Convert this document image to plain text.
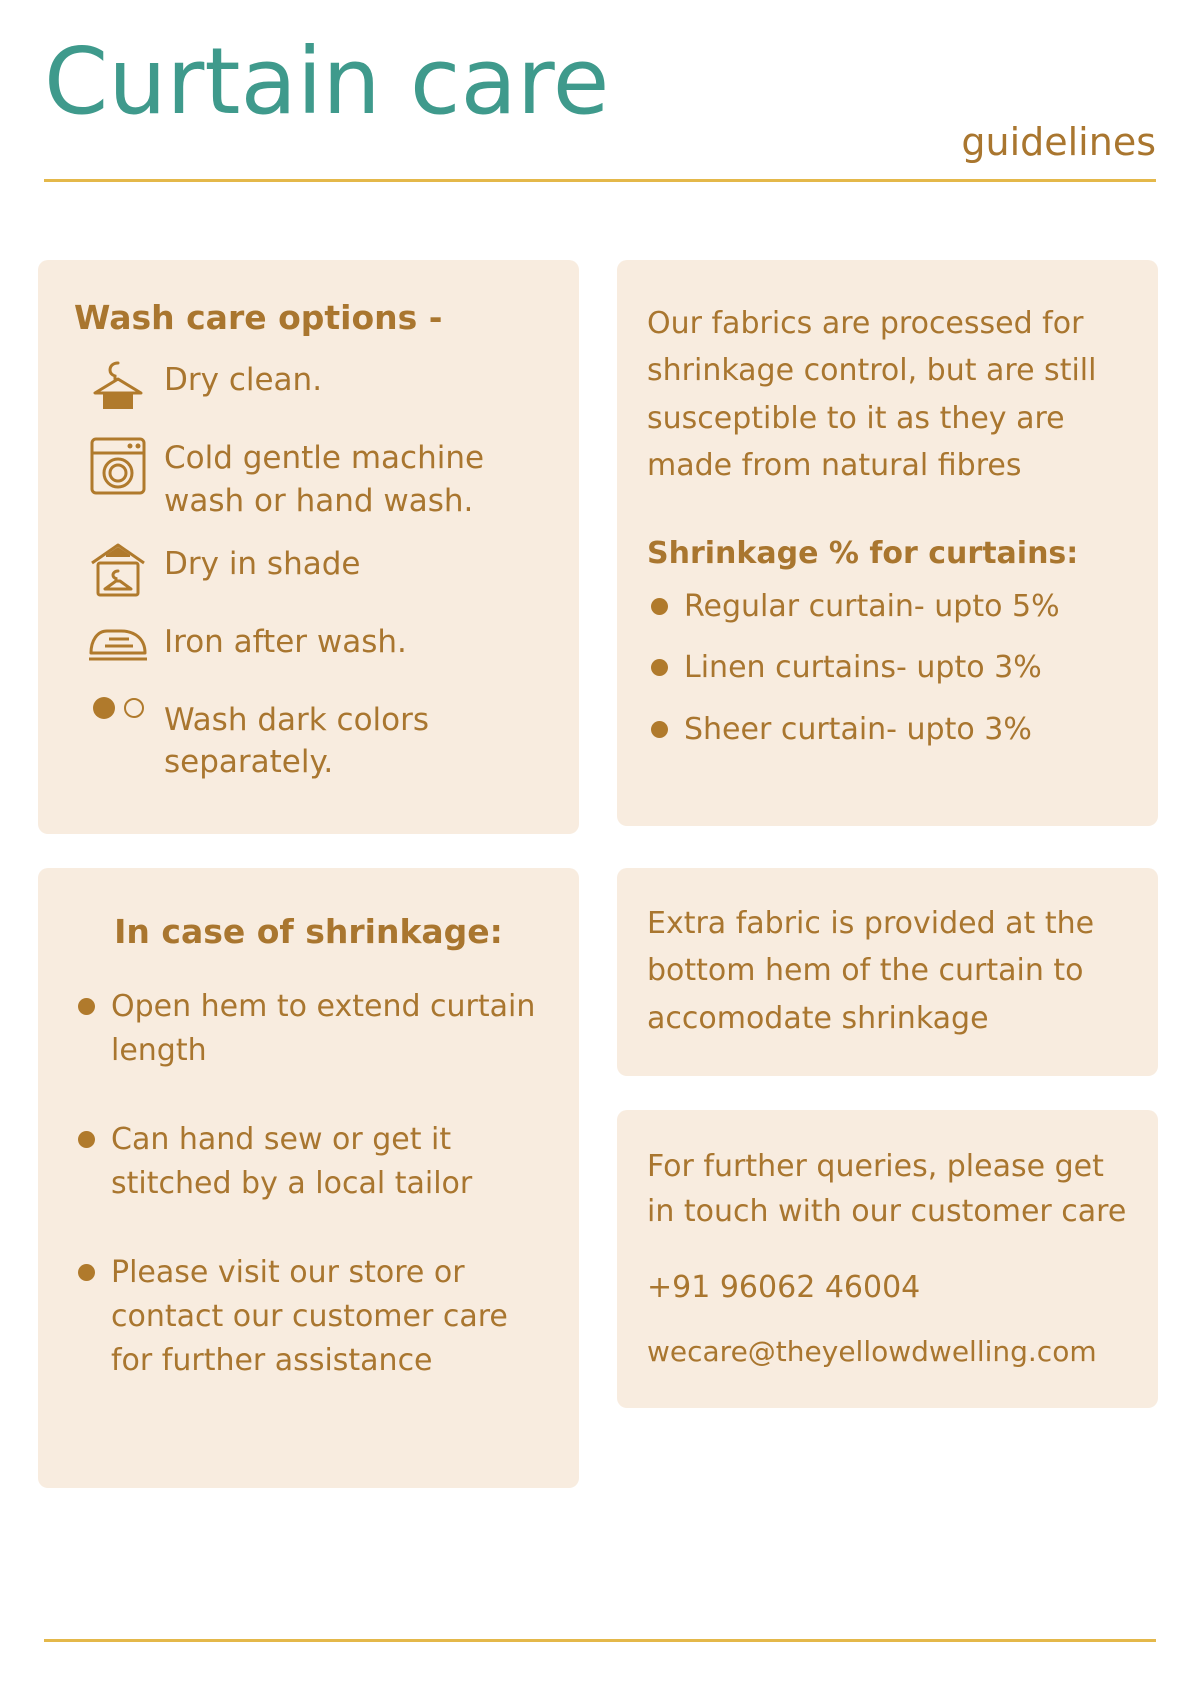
Curtain care
guidelines
Wash care options -
Dry clean.
Cold gentle machine wash or hand wash.
Dry in shade
Iron after wash.
Wash dark colors separately.

Our fabrics are processed for shrinkage control, but are still susceptible to it as they are made from natural fibres

Shrinkage % for curtains:
Regular curtain- upto 5%
Linen curtains- upto 3%
Sheer curtain- upto 3%
In case of shrinkage:
Open hem to extend curtain length
Can hand sew or get it stitched by a local tailor
Please visit our store or contact our customer care for further assistance

Extra fabric is provided at the bottom hem of the curtain to accomodate shrinkage

For further queries, please get in touch with our customer care

+91 96062 46004

wecare@theyellowdwelling.com
